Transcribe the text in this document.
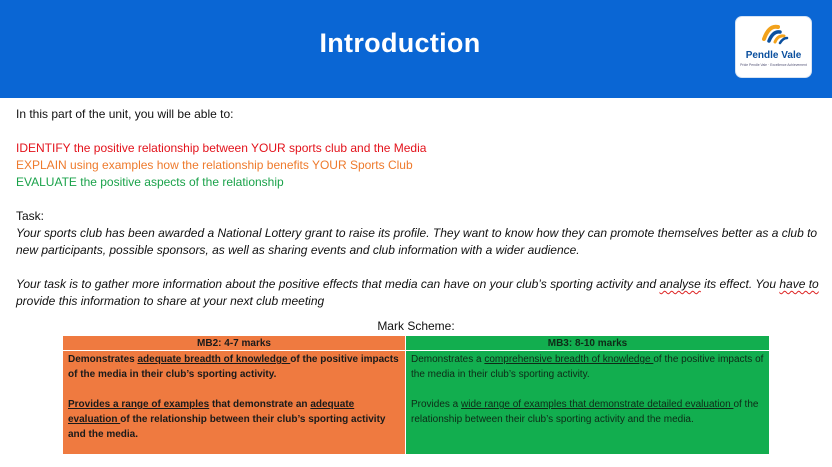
Introduction	Pendle Vale
Pride Pendle Vale · Excellence Achievement
In this part of the unit, you will be able to:
IDENTIFY the positive relationship between YOUR sports club and the Media
EXPLAIN using examples how the relationship benefits YOUR Sports Club
EVALUATE the positive aspects of the relationship
Task:
Your sports club has been awarded a National Lottery grant to raise its profile. They want to know how they can promote themselves better as a club to new participants, possible sponsors, as well as sharing events and club information with a wider audience.
Your task is to gather more information about the positive effects that media can have on your club’s sporting activity and analyse its effect. You have to provide this information to share at your next club meeting
Mark Scheme:
MB2: 4-7 marks
Demonstrates adequate breadth of knowledge of the positive impacts of the media in their club’s sporting activity.
Provides a range of examples that demonstrate an adequate evaluation of the relationship between their club’s sporting activity and the media.
MB3: 8-10 marks
Demonstrates a comprehensive breadth of knowledge of the positive impacts of the media in their club’s sporting activity.
Provides a wide range of examples that demonstrate detailed evaluation of the relationship between their club’s sporting activity and the media.
